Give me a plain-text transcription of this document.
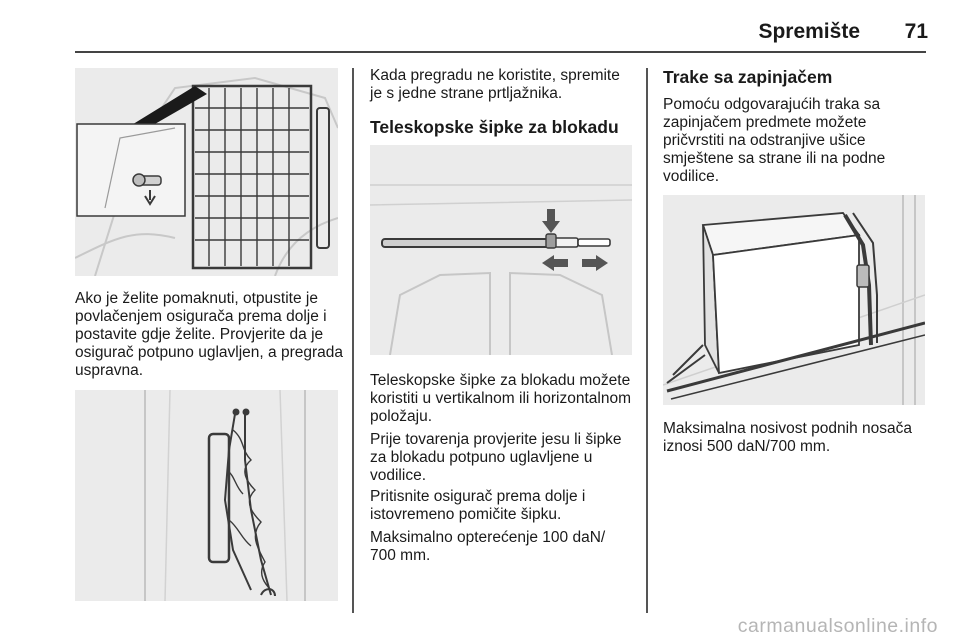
Spremište	71

Ako je želite pomaknuti, otpustite je povlačenjem osigurača prema dolje i postavite gdje želite. Provjerite da je osigurač potpuno uglavljen, a pregrada uspravna.

Kada pregradu ne koristite, spremite je s jedne strane prtljažnika.

Teleskopske šipke za blokadu

Teleskopske šipke za blokadu možete koristiti u vertikalnom ili horizontalnom položaju.

Prije tovarenja provjerite jesu li šipke za blokadu potpuno uglavljene u vodilice.

Pritisnite osigurač prema dolje i istovremeno pomičite šipku.

Maksimalno opterećenje 100 daN/ 700 mm.

Trake sa zapinjačem

Pomoću odgovarajućih traka sa zapinjačem predmete možete pričvrstiti na odstranjive ušice smještene sa strane ili na podne vodilice.

Maksimalna nosivost podnih nosača iznosi 500 daN/700 mm.

carmanualsonline.info
